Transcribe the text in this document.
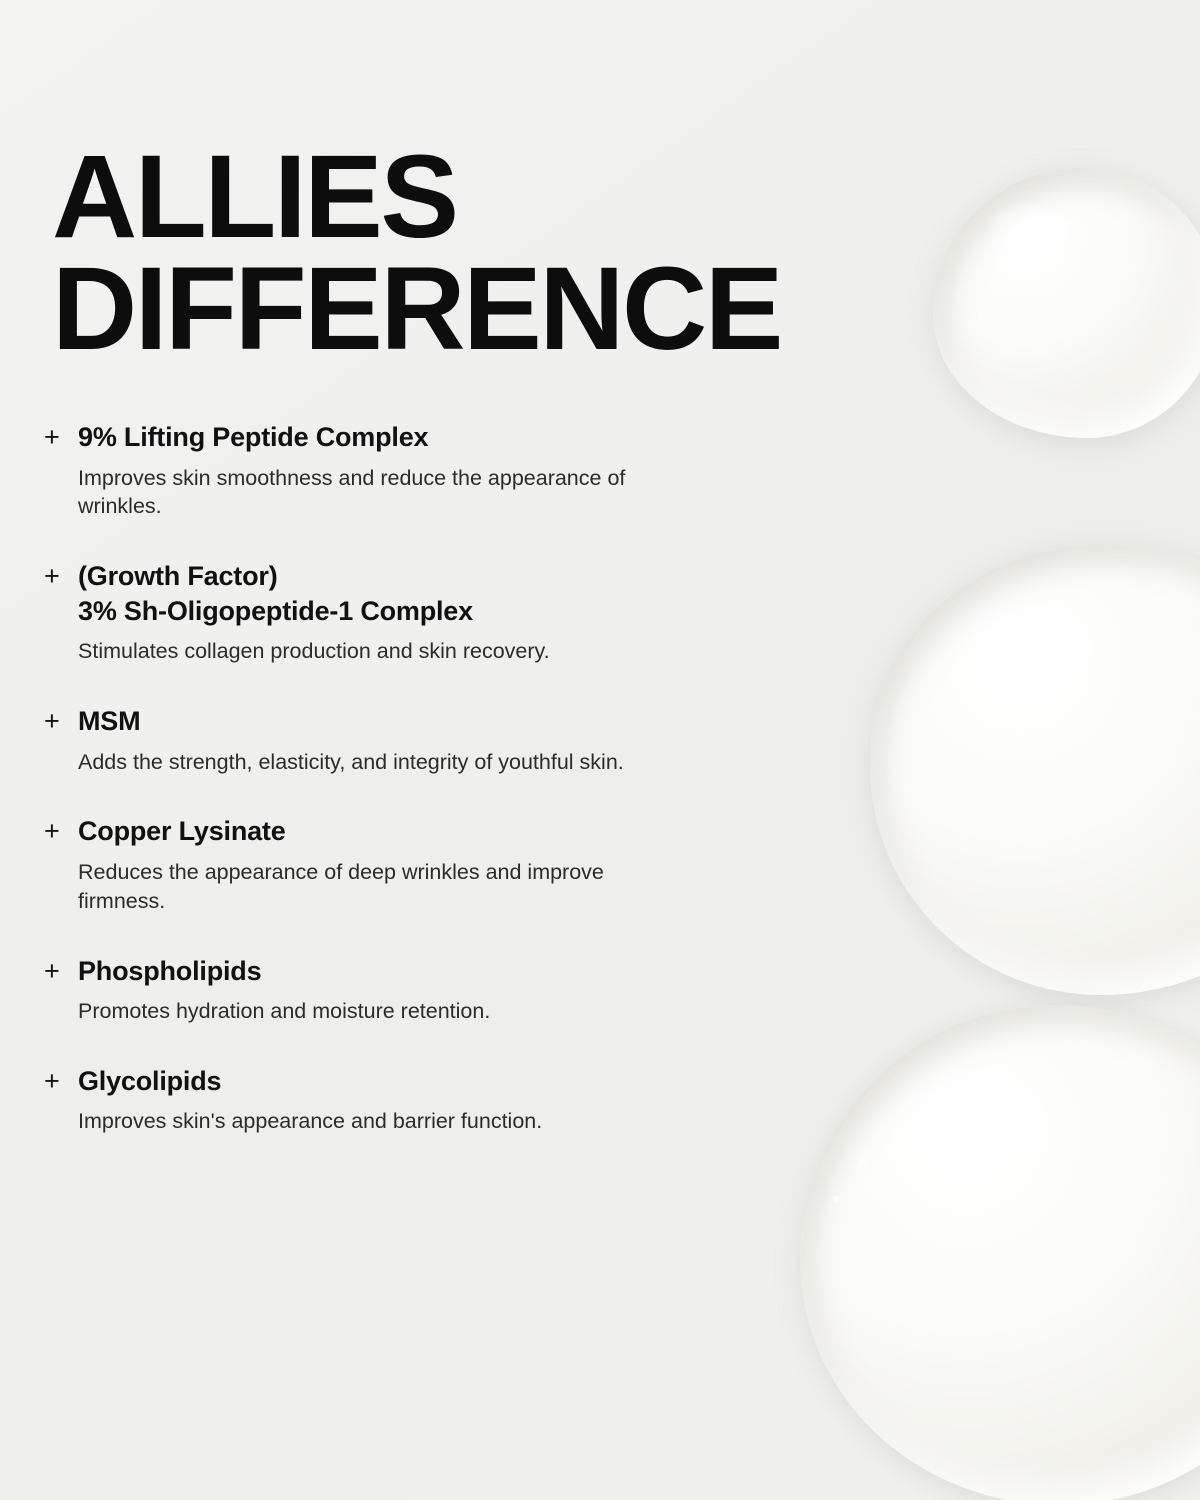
ALLIES
DIFFERENCE
+ 9% Lifting Peptide Complex
Improves skin smoothness and reduce the appearance of wrinkles.
+ (Growth Factor)
3% Sh-Oligopeptide-1 Complex
Stimulates collagen production and skin recovery.
+ MSM
Adds the strength, elasticity, and integrity of youthful skin.
+ Copper Lysinate
Reduces the appearance of deep wrinkles and improve firmness.
+ Phospholipids
Promotes hydration and moisture retention.
+ Glycolipids
Improves skin's appearance and barrier function.
